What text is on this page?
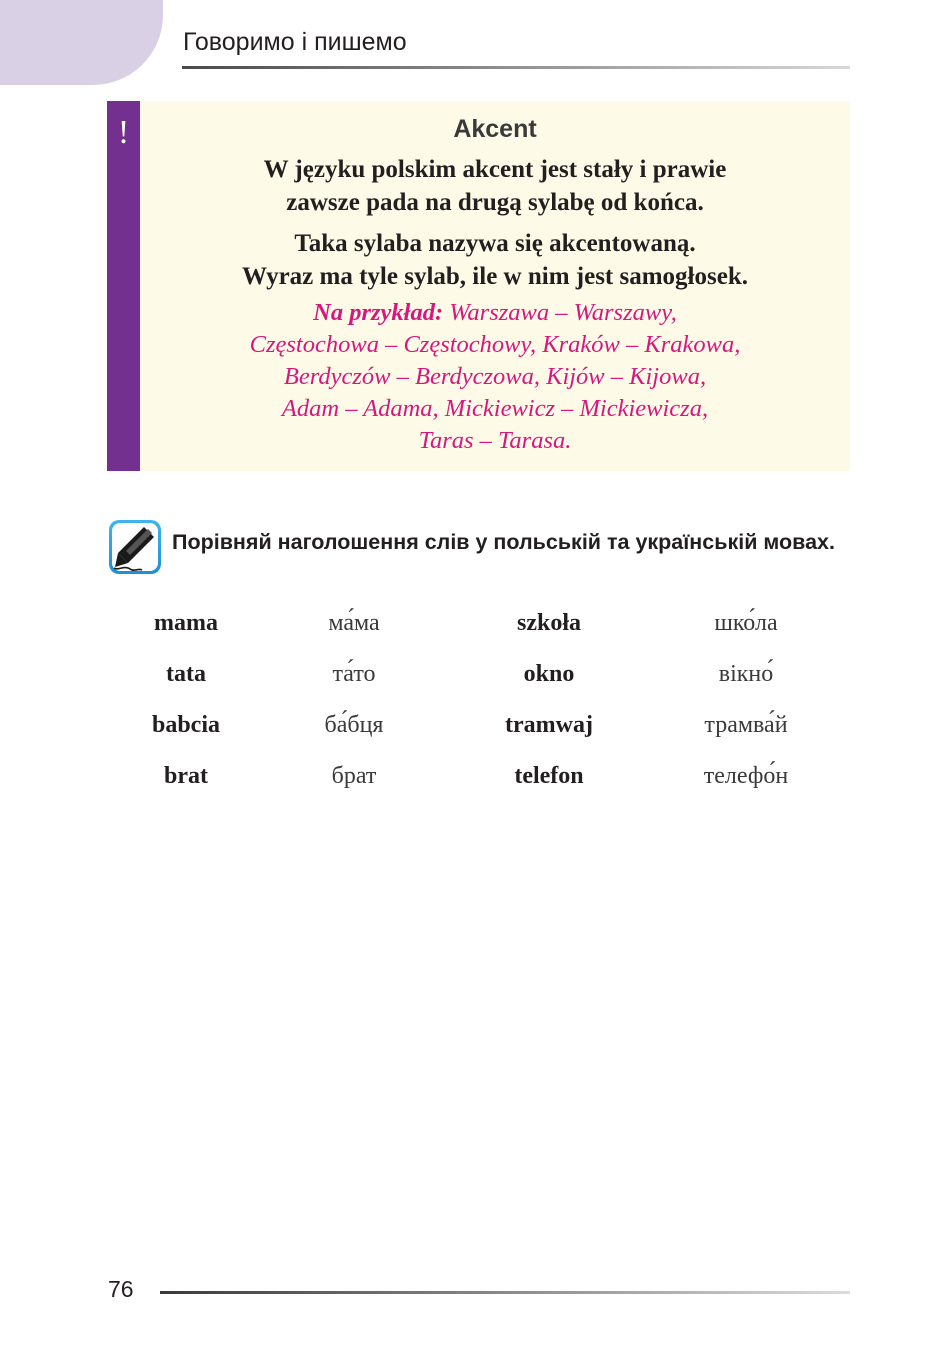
Говоримо і пишемо
!	Akcent
W języku polskim akcent jest stały i prawie
zawsze pada na drugą sylabę od końca.
Taka sylaba nazywa się akcentowaną.
Wyraz ma tyle sylab, ile w nim jest samogłosek.
Na przykład: Warszawa – Warszawy,
Częstochowa – Częstochowy, Kraków – Krakowa,
Berdyczów – Berdyczowa, Kijów – Kijowa,
Adam – Adama, Mickiewicz – Mickiewicza,
Taras – Tarasa.
Порівняй наголошення слів у польській та українській мовах.
mama	ма́ма	szkoła	шко́ла
tata	та́то	okno	вікно́
babcia	ба́бця	tramwaj	трамва́й
brat	брат	telefon	телефо́н
76
